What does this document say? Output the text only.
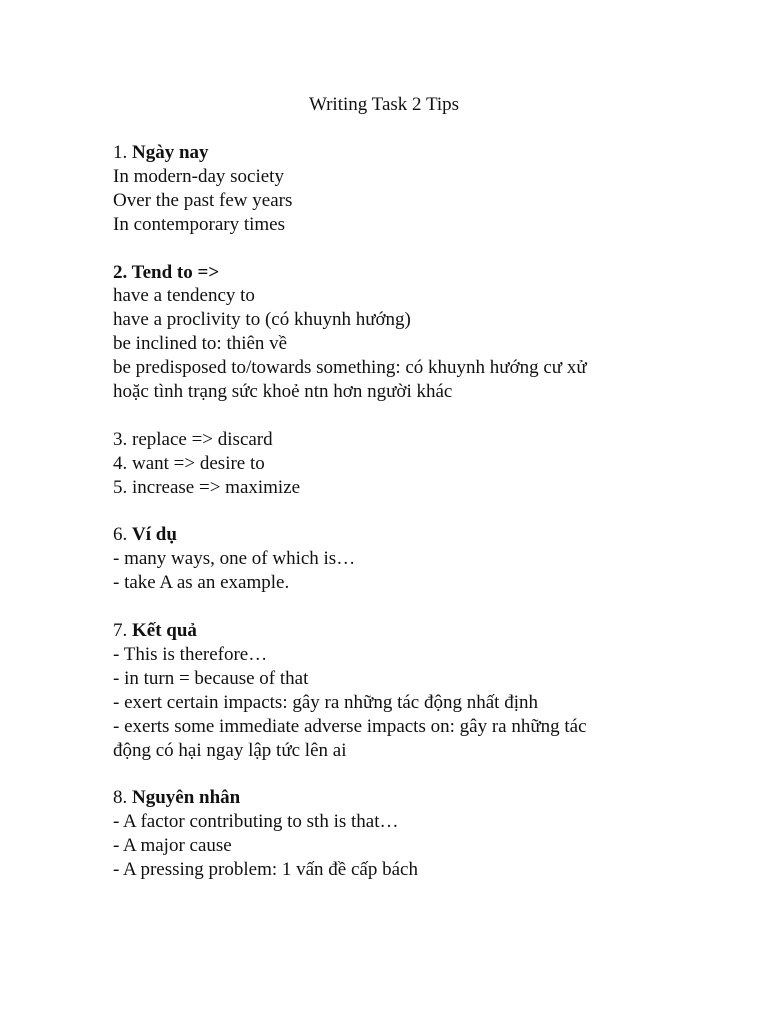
Writing Task 2 Tips
1. Ngày nay
In modern-day society
Over the past few years
In contemporary times
2. Tend to =>
have a tendency to
have a proclivity to (có khuynh hướng)
be inclined to: thiên về
be predisposed to/towards something: có khuynh hướng cư xử
hoặc tình trạng sức khoẻ ntn hơn người khác
3. replace => discard
4. want => desire to
5. increase => maximize
6. Ví dụ
- many ways, one of which is…
- take A as an example.
7. Kết quả
- This is therefore…
- in turn = because of that
- exert certain impacts: gây ra những tác động nhất định
- exerts some immediate adverse impacts on: gây ra những tác
động có hại ngay lập tức lên ai
8. Nguyên nhân
- A factor contributing to sth is that…
- A major cause
- A pressing problem: 1 vấn đề cấp bách
